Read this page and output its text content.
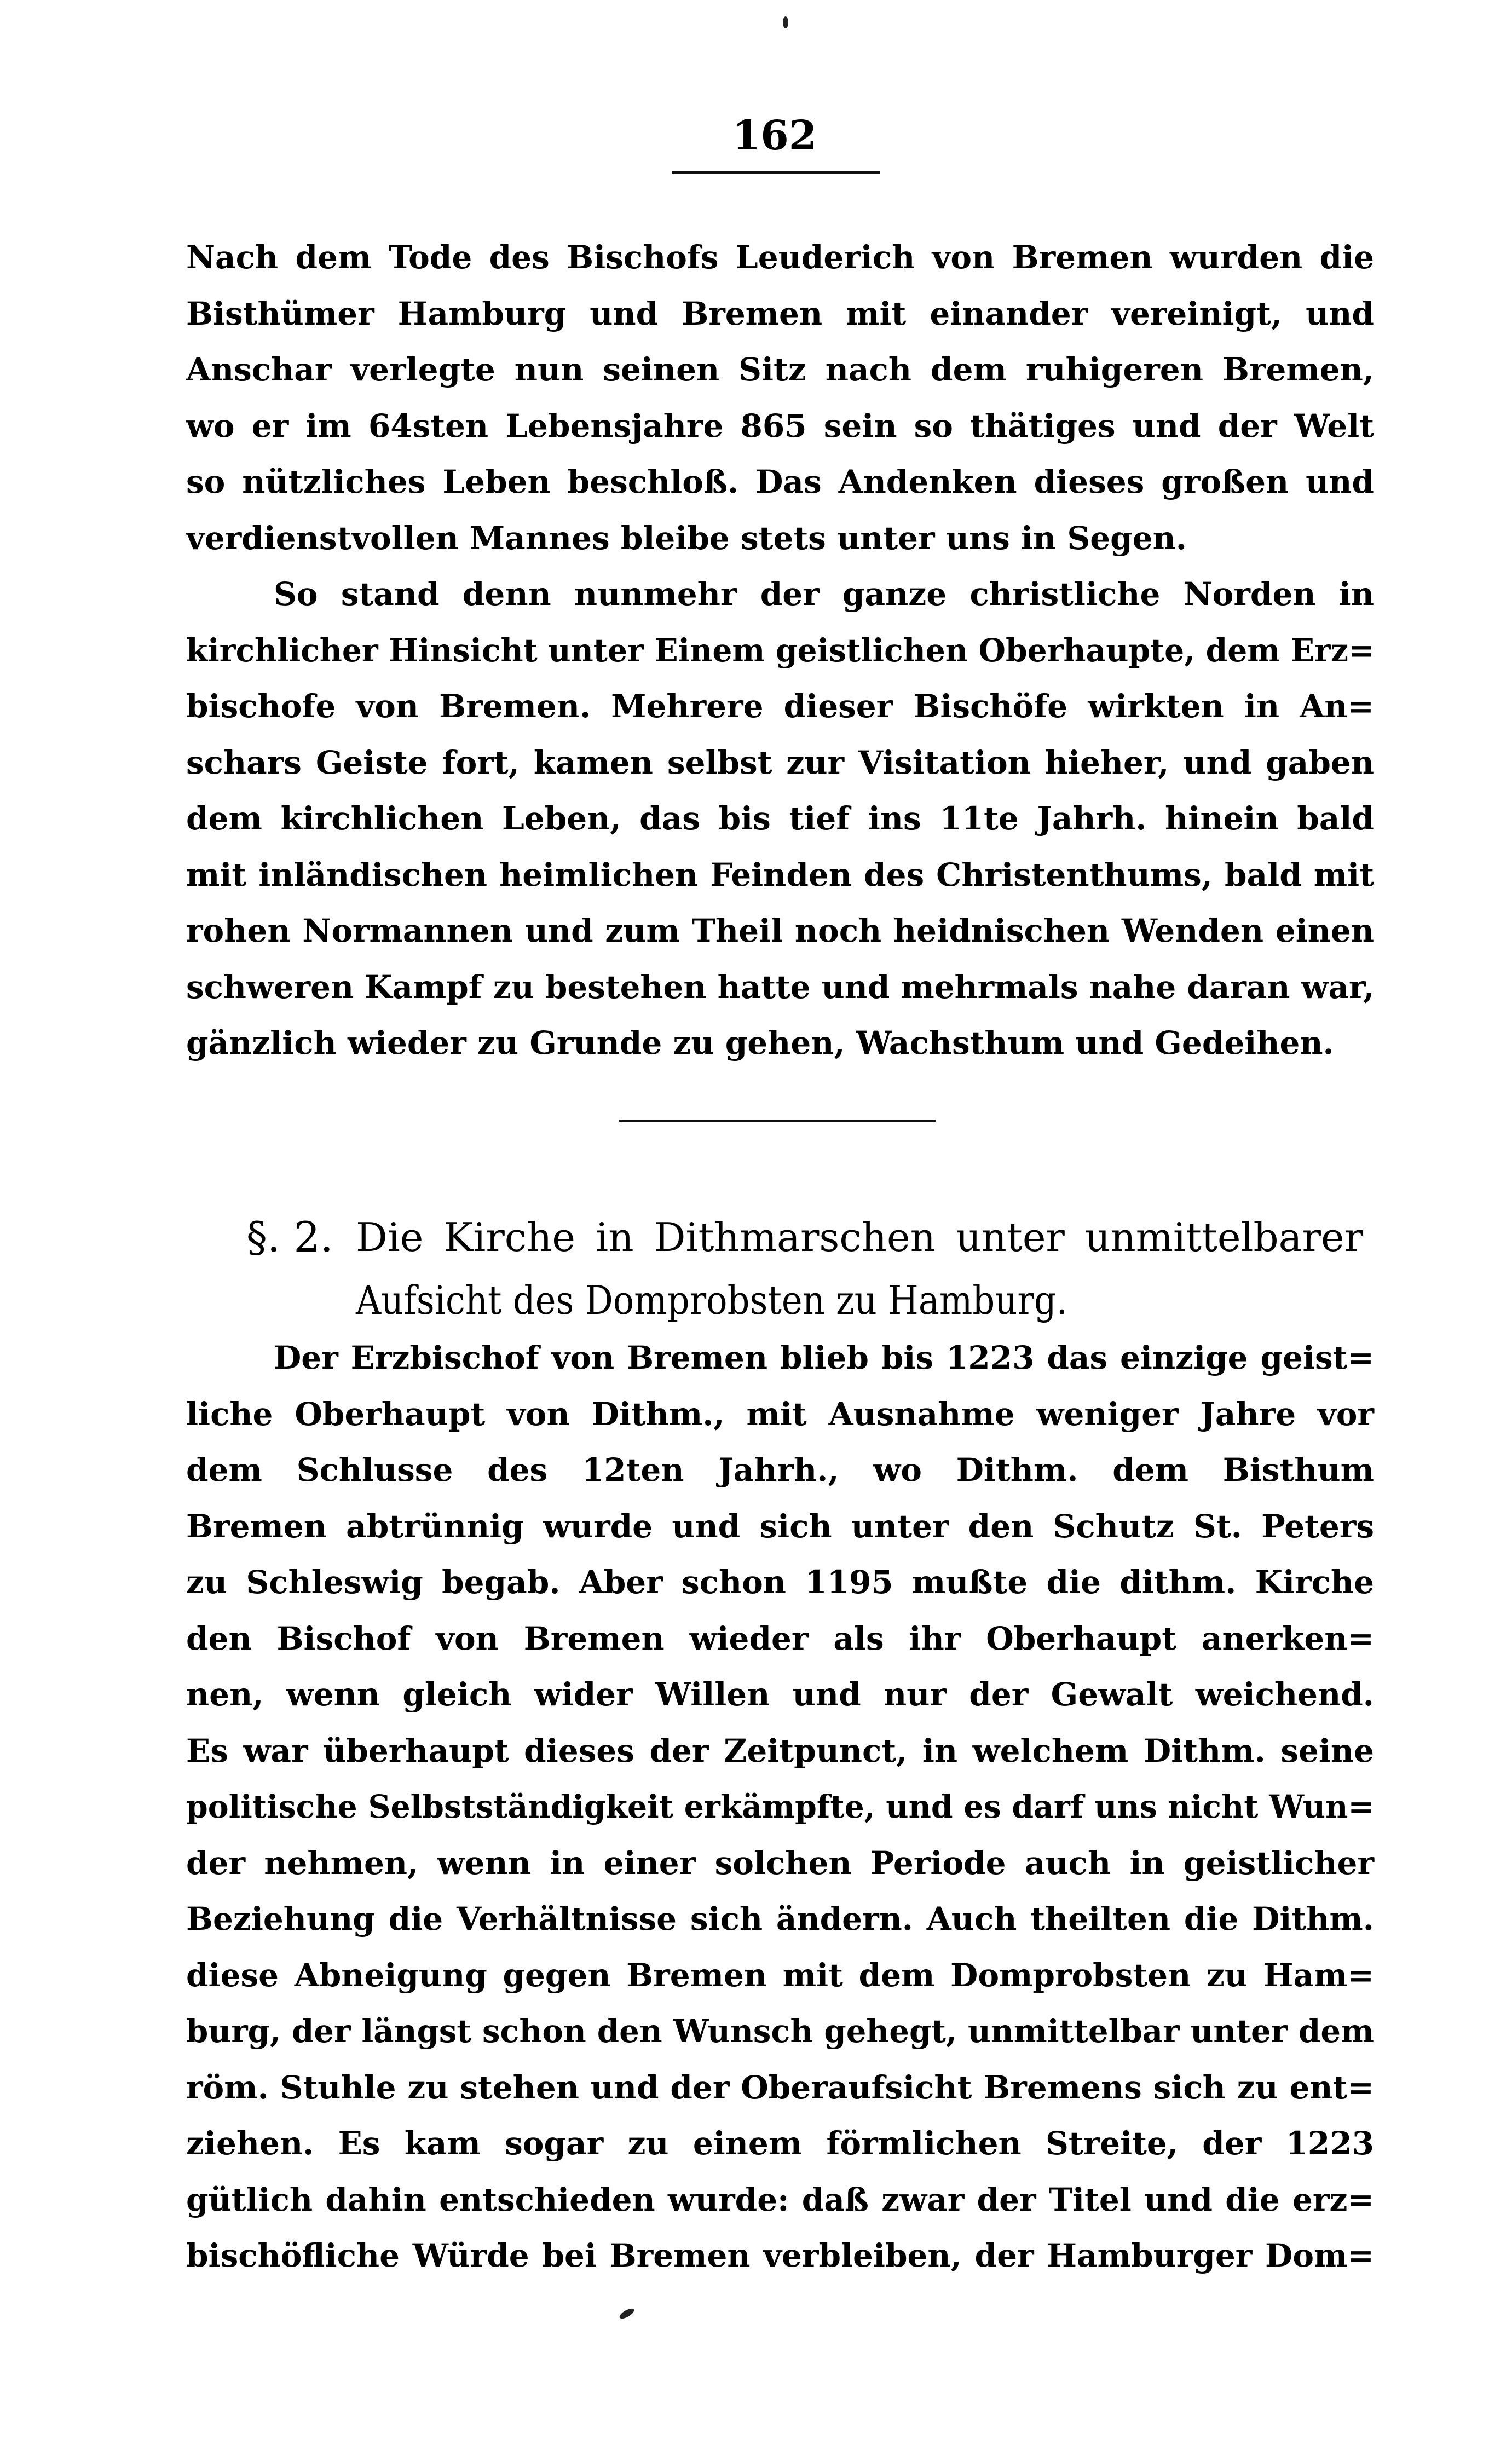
162
Nach dem Tode des Bischofs Leuderich von Bremen wurden die
Bisthümer Hamburg und Bremen mit einander vereinigt, und
Anschar verlegte nun seinen Sitz nach dem ruhigeren Bremen,
wo er im 64sten Lebensjahre 865 sein so thätiges und der Welt
so nützliches Leben beschloß. Das Andenken dieses großen und
verdienstvollen Mannes bleibe stets unter uns in Segen.
So stand denn nunmehr der ganze christliche Norden in
kirchlicher Hinsicht unter Einem geistlichen Oberhaupte, dem Erz=
bischofe von Bremen. Mehrere dieser Bischöfe wirkten in An=
schars Geiste fort, kamen selbst zur Visitation hieher, und gaben
dem kirchlichen Leben, das bis tief ins 11te Jahrh. hinein bald
mit inländischen heimlichen Feinden des Christenthums, bald mit
rohen Normannen und zum Theil noch heidnischen Wenden einen
schweren Kampf zu bestehen hatte und mehrmals nahe daran war,
gänzlich wieder zu Grunde zu gehen, Wachsthum und Gedeihen.
§. 2. Die Kirche in Dithmarschen unter unmittelbarer
Aufsicht des Domprobsten zu Hamburg.
Der Erzbischof von Bremen blieb bis 1223 das einzige geist=
liche Oberhaupt von Dithm., mit Ausnahme weniger Jahre vor
dem Schlusse des 12ten Jahrh., wo Dithm. dem Bisthum
Bremen abtrünnig wurde und sich unter den Schutz St. Peters
zu Schleswig begab. Aber schon 1195 mußte die dithm. Kirche
den Bischof von Bremen wieder als ihr Oberhaupt anerken=
nen, wenn gleich wider Willen und nur der Gewalt weichend.
Es war überhaupt dieses der Zeitpunct, in welchem Dithm. seine
politische Selbstständigkeit erkämpfte, und es darf uns nicht Wun=
der nehmen, wenn in einer solchen Periode auch in geistlicher
Beziehung die Verhältnisse sich ändern. Auch theilten die Dithm.
diese Abneigung gegen Bremen mit dem Domprobsten zu Ham=
burg, der längst schon den Wunsch gehegt, unmittelbar unter dem
röm. Stuhle zu stehen und der Oberaufsicht Bremens sich zu ent=
ziehen. Es kam sogar zu einem förmlichen Streite, der 1223
gütlich dahin entschieden wurde: daß zwar der Titel und die erz=
bischöfliche Würde bei Bremen verbleiben, der Hamburger Dom=
